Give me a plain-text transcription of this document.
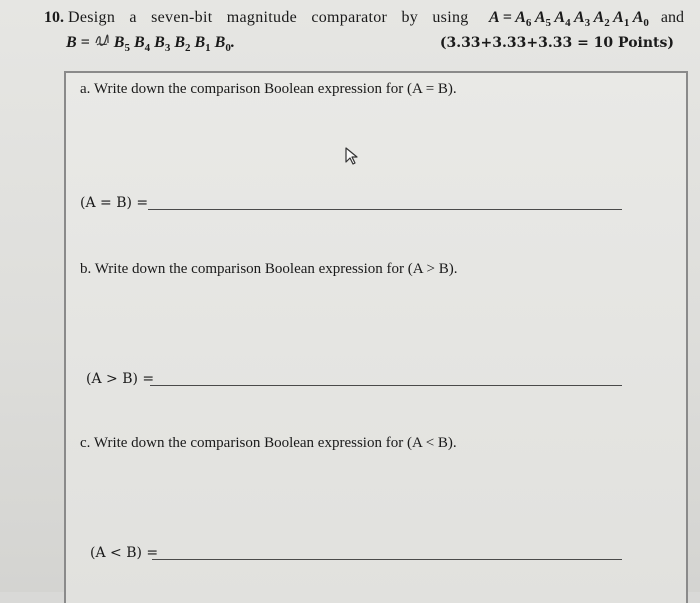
10. Design a seven-bit magnitude comparator by using $A = A_6$ $A_5$ $A_4$ $A_3$ $A_2$ $A_1$ $A_0$ and
$B = B_5$ $B_4$ $B_3$ $B_2$ $B_1$ $B_0$.	(3.33+3.33+3.33 = 10 Points)
a. Write down the comparison Boolean expression for (A = B).
(A = B) =
b. Write down the comparison Boolean expression for (A > B).
(A > B) =
c. Write down the comparison Boolean expression for (A < B).
(A < B) =
